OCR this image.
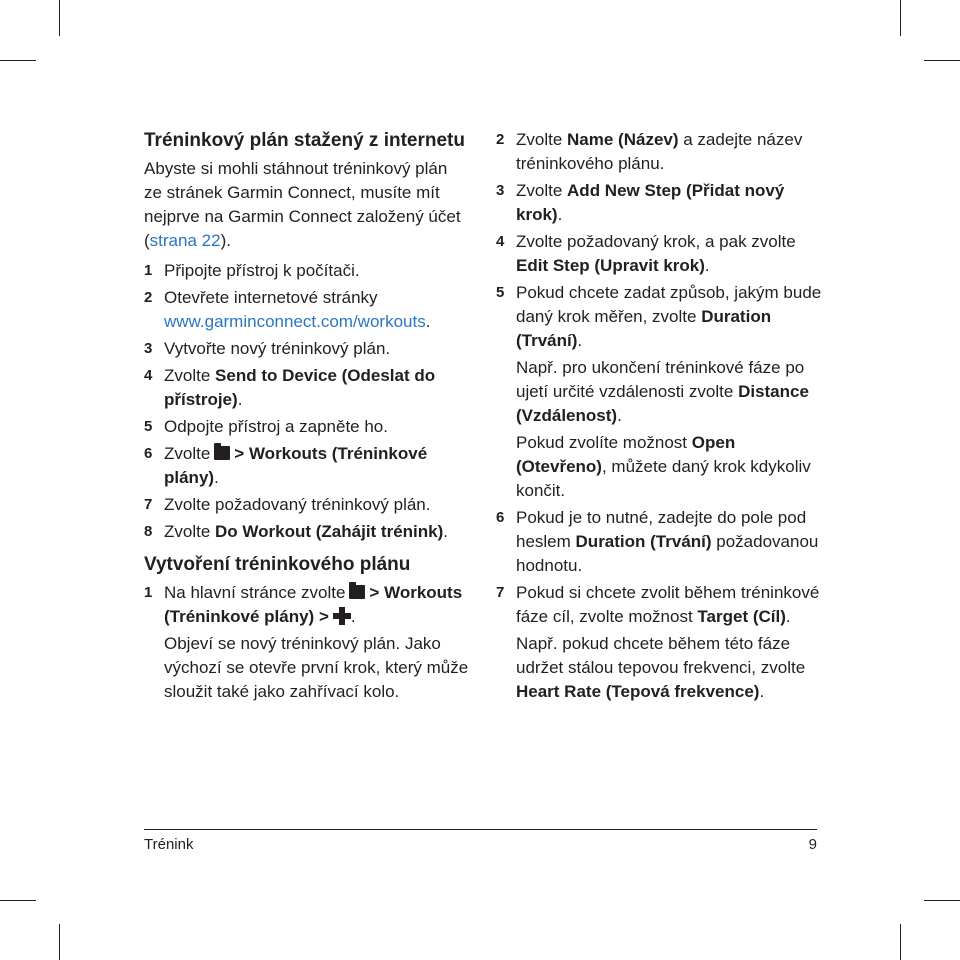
Tréninkový plán stažený z internetu

Abyste si mohli stáhnout tréninkový plán ze stránek Garmin Connect, musíte mít nejprve na Garmin Connect založený účet (strana 22).

1 Připojte přístroj k počítači.
2 Otevřete internetové stránky www.garminconnect.com/workouts.
3 Vytvořte nový tréninkový plán.
4 Zvolte Send to Device (Odeslat do přístroje).
5 Odpojte přístroj a zapněte ho.
6 Zvolte > Workouts (Tréninkové plány).
7 Zvolte požadovaný tréninkový plán.
8 Zvolte Do Workout (Zahájit trénink).
Vytvoření tréninkového plánu
1 Na hlavní stránce zvolte > Workouts (Tréninkové plány) > .
Objeví se nový tréninkový plán. Jako výchozí se otevře první krok, který může sloužit také jako zahřívací kolo.
2 Zvolte Name (Název) a zadejte název tréninkového plánu.
3 Zvolte Add New Step (Přidat nový krok).
4 Zvolte požadovaný krok, a pak zvolte Edit Step (Upravit krok).
5 Pokud chcete zadat způsob, jakým bude daný krok měřen, zvolte Duration (Trvání).
Např. pro ukončení tréninkové fáze po ujetí určité vzdálenosti zvolte Distance (Vzdálenost).
Pokud zvolíte možnost Open (Otevřeno), můžete daný krok kdykoliv končit.
6 Pokud je to nutné, zadejte do pole pod heslem Duration (Trvání) požadovanou hodnotu.
7 Pokud si chcete zvolit během tréninkové fáze cíl, zvolte možnost Target (Cíl).
Např. pokud chcete během této fáze udržet stálou tepovou frekvenci, zvolte Heart Rate (Tepová frekvence).
Trénink	9
